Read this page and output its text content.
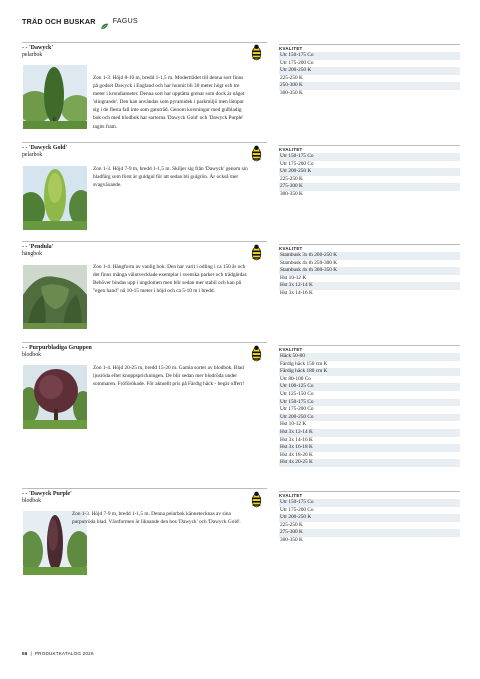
TRÄD OCH BUSKAR FAGUS
- - 'Dawyck'
pelarbok
Zon 1-3. Höjd 8-10 m, bredd 1-1,5 m. Moderträdet till denna sort finns på godset Dawyck i England och har hunnit bli 30 meter högt och tre meter i krondiameter. Denna sort har upptätta grenar som dock är något 'slingrande'. Den kan användas som pyramidek i parkmiljö men lämpar sig i de flesta fall inte som gatuträd. Genom korsningar med gulbladig bok och med blodbok har sorterna 'Dawyck Gold' och 'Dawyck Purple' tagits fram.
KVALITET
Utr 150-175 Co
Utr 175-200 Co
Utr 200-250 K
225-250 K
250-300 K
300-350 K
- - 'Dawyck Gold'
pelarbok
Zon 1-3. Höjd 7-9 m, bredd 1-1,5 m. Skiljer sig från 'Dawyck' genom sin bladfärg som först är guldgul för att sedan bli gulgrön. Är också mer svagväxande.
KVALITET
Utr 150-175 Co
Utr 175-200 Co
Utr 200-250 K
225-250 K
275-300 K
300-350 K
- - 'Pendula'
hängbok
Zon 1-4. Hängform av vanlig bok. Den har varit i odling i ca 150 år och det finns många välutvecklade exemplar i svenska parker och trädgårdar. Behöver bindas upp i ungdomen men blir sedan mer stabil och kan på "egen hand" nå 10-15 meter i höjd och ca 5-10 m i bredd.
KVALITET
Stambusk 3x th 200-250 K
Stambusk 4x th 250-300 K
Stambusk 4x th 300-350 K
Hst 10-12 K
Hst 3x 12-14 K
Hst 3x 14-16 K
- - Purpurbladiga Gruppen
blodbok
Zon 1-4. Höjd 20-25 m, bredd 15-20 m. Gamla sorter av blodbok. Blad ljusröda efter knoppsprickningen. De blir sedan mer blodröda under sommaren. Fröförökade. För aktuellt pris på Färdig häck - begär offert!
KVALITET
Häck 50-80
Färdig häck 150 cm K
Färdig häck 180 cm K
Utr 80-100 Co
Utr 100-125 Co
Utr 125-150 Co
Utr 150-175 Co
Utr 175-200 Co
Utr 200-250 Co
Hst 10-12 K
Hst 3x 12-14 K
Hst 3x 14-16 K
Hst 3x 16-18 K
Hst 4x 18-20 K
Hst 4x 20-25 K
- - 'Dawyck Purple'
blodbok
Zon 1-3. Höjd 7-9 m, bredd 1-1,5 m. Denna pelarbok kännetecknas av sina purpurröda blad. Växtformen är liknande den hos 'Dawyck' och 'Dawyck Gold'.
KVALITET
Utr 150-175 Co
Utr 175-200 Co
Utr 200-250 K
225-250 K
275-300 K
300-350 K
56 | PRODUKTKATALOG 2026
